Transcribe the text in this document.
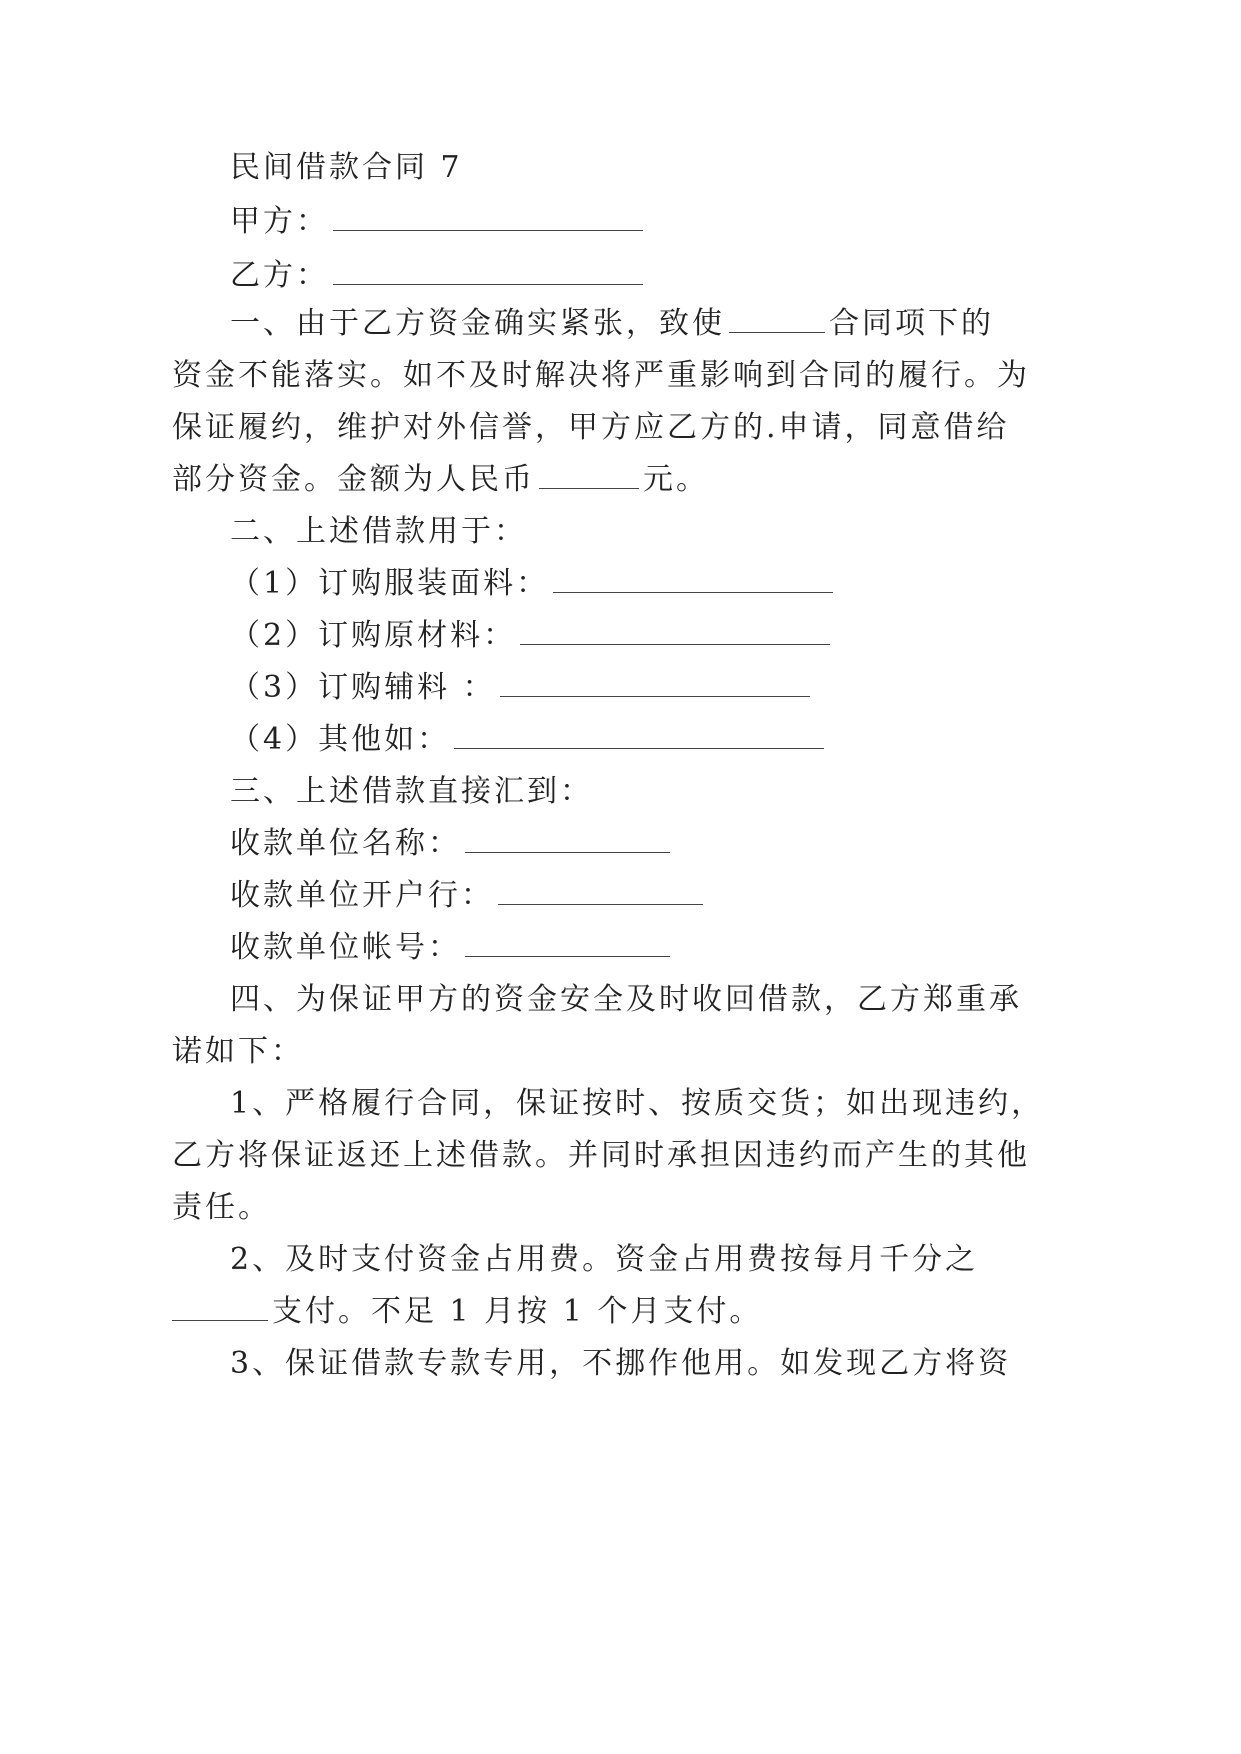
民间借款合同 7
甲方：
乙方：
一、由于乙方资金确实紧张，致使	合同项下的
资金不能落实。如不及时解决将严重影响到合同的履行。为
保证履约，维护对外信誉，甲方应乙方的.申请，同意借给
部分资金。金额为人民币	元。
二、上述借款用于：
（1）订购服装面料：
（2）订购原材料：
（3）订购辅料 ：
（4）其他如：
三、上述借款直接汇到：
收款单位名称：
收款单位开户行：
收款单位帐号：
四、为保证甲方的资金安全及时收回借款，乙方郑重承
诺如下：
1、严格履行合同，保证按时、按质交货；如出现违约，
乙方将保证返还上述借款。并同时承担因违约而产生的其他
责任。
2、及时支付资金占用费。资金占用费按每月千分之
支付。不足 1 月按 1 个月支付。
3、保证借款专款专用，不挪作他用。如发现乙方将资
